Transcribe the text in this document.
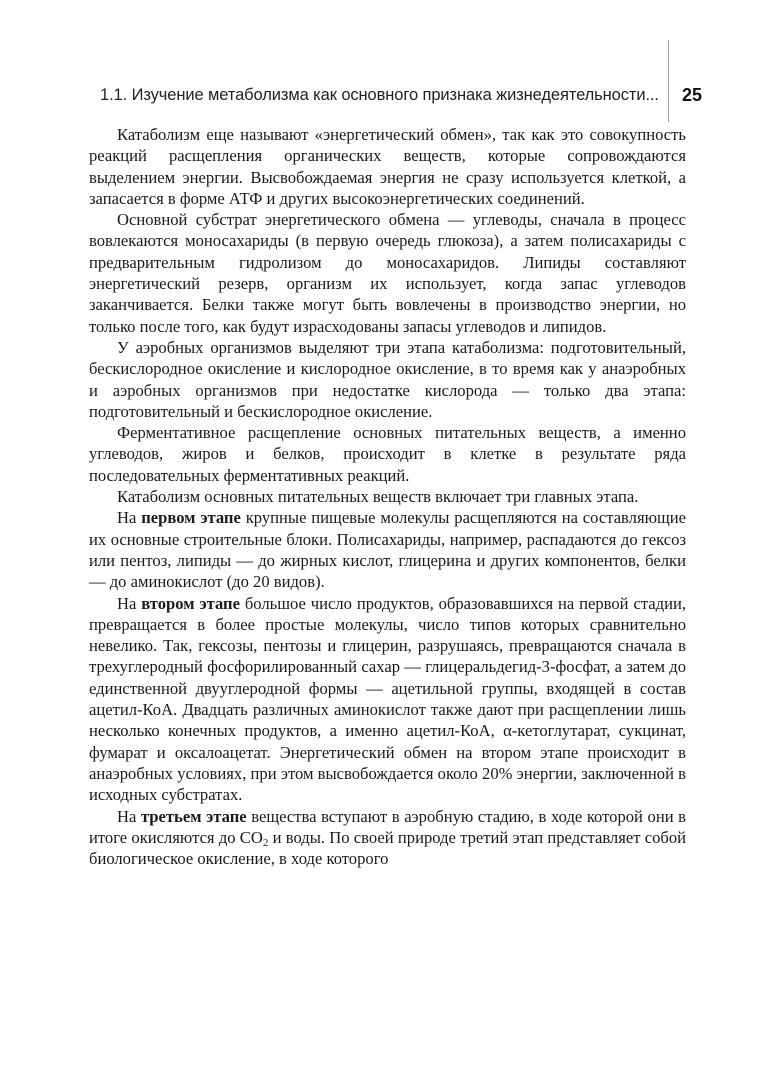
1.1. Изучение метаболизма как основного признака жизнедеятельности... 25

Катаболизм еще называют «энергетический обмен», так как это совокупность реакций расщепления органических веществ, которые сопровождаются выделением энергии. Высвобождаемая энергия не сразу используется клеткой, а запасается в форме АТФ и других высокоэнергетических соединений.

Основной субстрат энергетического обмена — углеводы, сначала в процесс вовлекаются моносахариды (в первую очередь глюкоза), а затем полисахариды с предварительным гидролизом до моносахаридов. Липиды составляют энергетический резерв, организм их использует, когда запас углеводов заканчивается. Белки также могут быть вовлечены в производство энергии, но только после того, как будут израсходованы запасы углеводов и липидов.

У аэробных организмов выделяют три этапа катаболизма: подготовительный, бескислородное окисление и кислородное окисление, в то время как у анаэробных и аэробных организмов при недостатке кислорода — только два этапа: подготовительный и бескислородное окисление.

Ферментативное расщепление основных питательных веществ, а именно углеводов, жиров и белков, происходит в клетке в результате ряда последовательных ферментативных реакций.

Катаболизм основных питательных веществ включает три главных этапа.

На первом этапе крупные пищевые молекулы расщепляются на составляющие их основные строительные блоки. Полисахариды, например, распадаются до гексоз или пентоз, липиды — до жирных кислот, глицерина и других компонентов, белки — до аминокислот (до 20 видов).

На втором этапе большое число продуктов, образовавшихся на первой стадии, превращается в более простые молекулы, число типов которых сравнительно невелико. Так, гексозы, пентозы и глицерин, разрушаясь, превращаются сначала в трехуглеродный фосфорилированный сахар — глицеральдегид-3-фосфат, а затем до единственной двууглеродной формы — ацетильной группы, входящей в состав ацетил-КоА. Двадцать различных аминокислот также дают при расщеплении лишь несколько конечных продуктов, а именно ацетил-КоА, α-кетоглутарат, сукцинат, фумарат и оксалоацетат. Энергетический обмен на втором этапе происходит в анаэробных условиях, при этом высвобождается около 20% энергии, заключенной в исходных субстратах.

На третьем этапе вещества вступают в аэробную стадию, в ходе которой они в итоге окисляются до $CO_2$ и воды. По своей природе третий этап представляет собой биологическое окисление, в ходе которого
